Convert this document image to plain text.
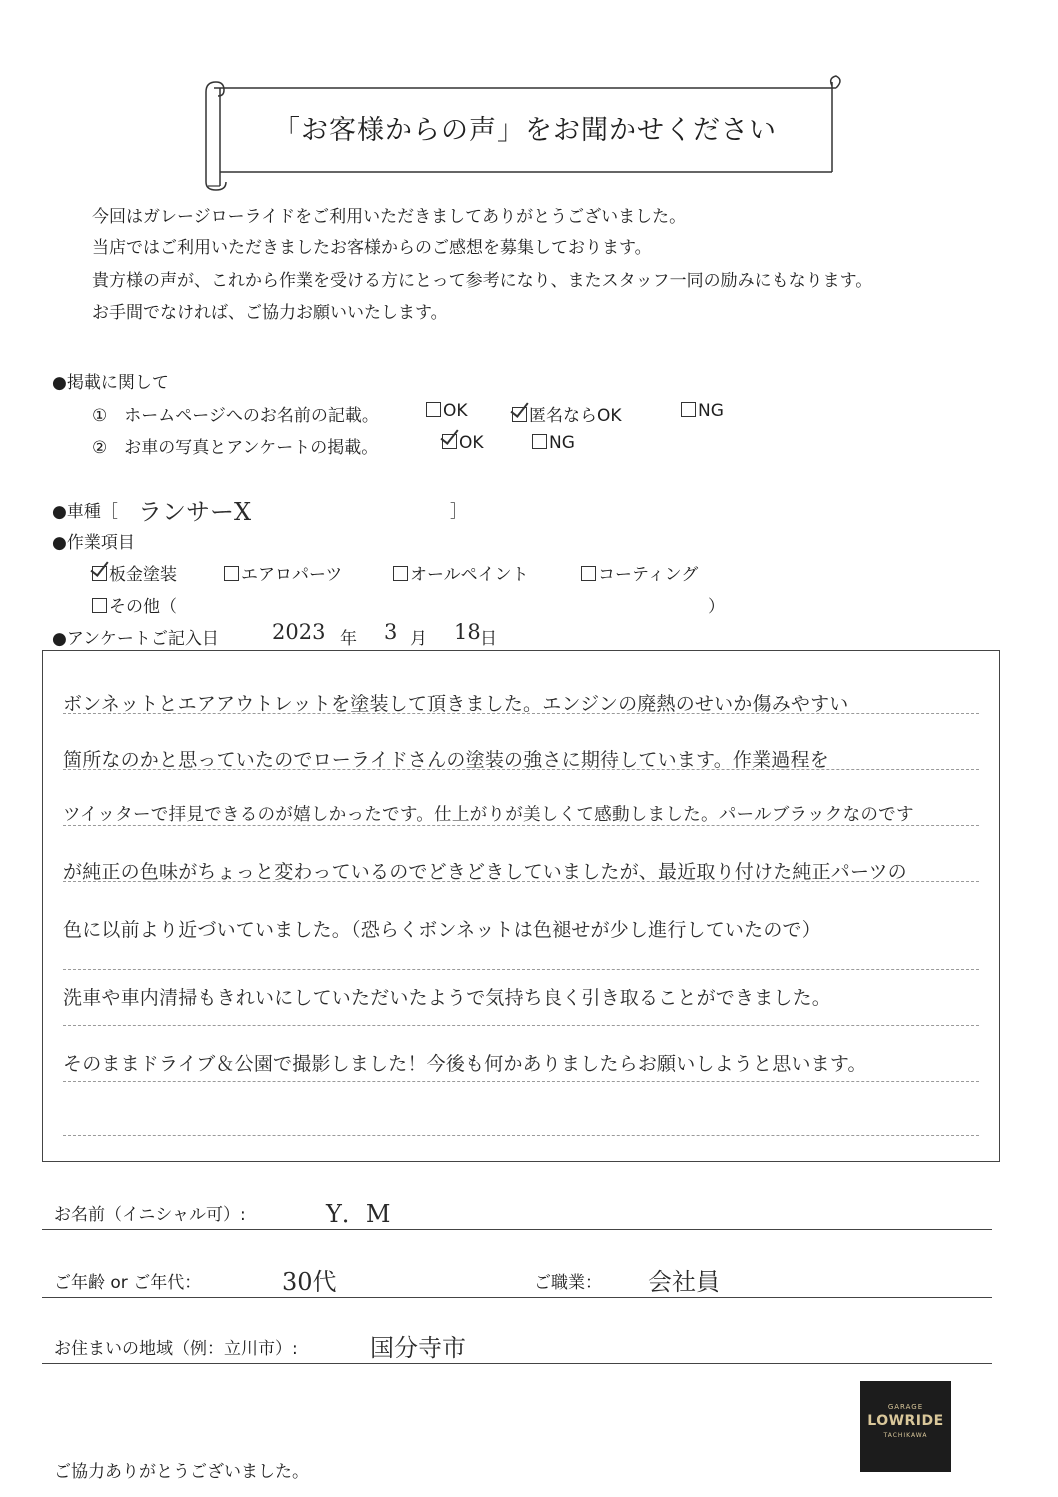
「お客様からの声」をお聞かせください
今回はガレージローライドをご利用いただきましてありがとうございました。
当店ではご利用いただきましたお客様からのご感想を募集しております。
貴方様の声が、これから作業を受ける方にとって参考になり、またスタッフ一同の励みにもなります。
お手間でなければ、ご協力お願いいたします。
●掲載に関して
①　ホームページへのお名前の記載。	OK	匿名ならOK	NG
②　お車の写真とアンケートの掲載。	OK	NG
●車種［ ランサーX	］
●作業項目
板金塗装	エアロパーツ	オールペイント	コーティング
その他（	）
●アンケートご記入日	2023 年 3 月 18 日
ボンネットとエアアウトレットを塗装して頂きました。エンジンの廃熱のせいか傷みやすい
箇所なのかと思っていたのでローライドさんの塗装の強さに期待しています。作業過程を
ツイッターで拝見できるのが嬉しかったです。仕上がりが美しくて感動しました。パールブラックなのです
が純正の色味がちょっと変わっているのでどきどきしていましたが、最近取り付けた純正パーツの
色に以前より近づいていました。（恐らくボンネットは色褪せが少し進行していたので）
洗車や車内清掃もきれいにしていただいたようで気持ち良く引き取ることができました。
そのままドライブ＆公園で撮影しました！今後も何かありましたらお願いしようと思います。
お名前（イニシャル可）:	Y．M
ご年齢 or ご年代：	30代	ご職業： 会社員
お住まいの地域（例：立川市）:	国分寺市
GARAGE
LOWRIDE
TACHIKAWA
ご協力ありがとうございました。
